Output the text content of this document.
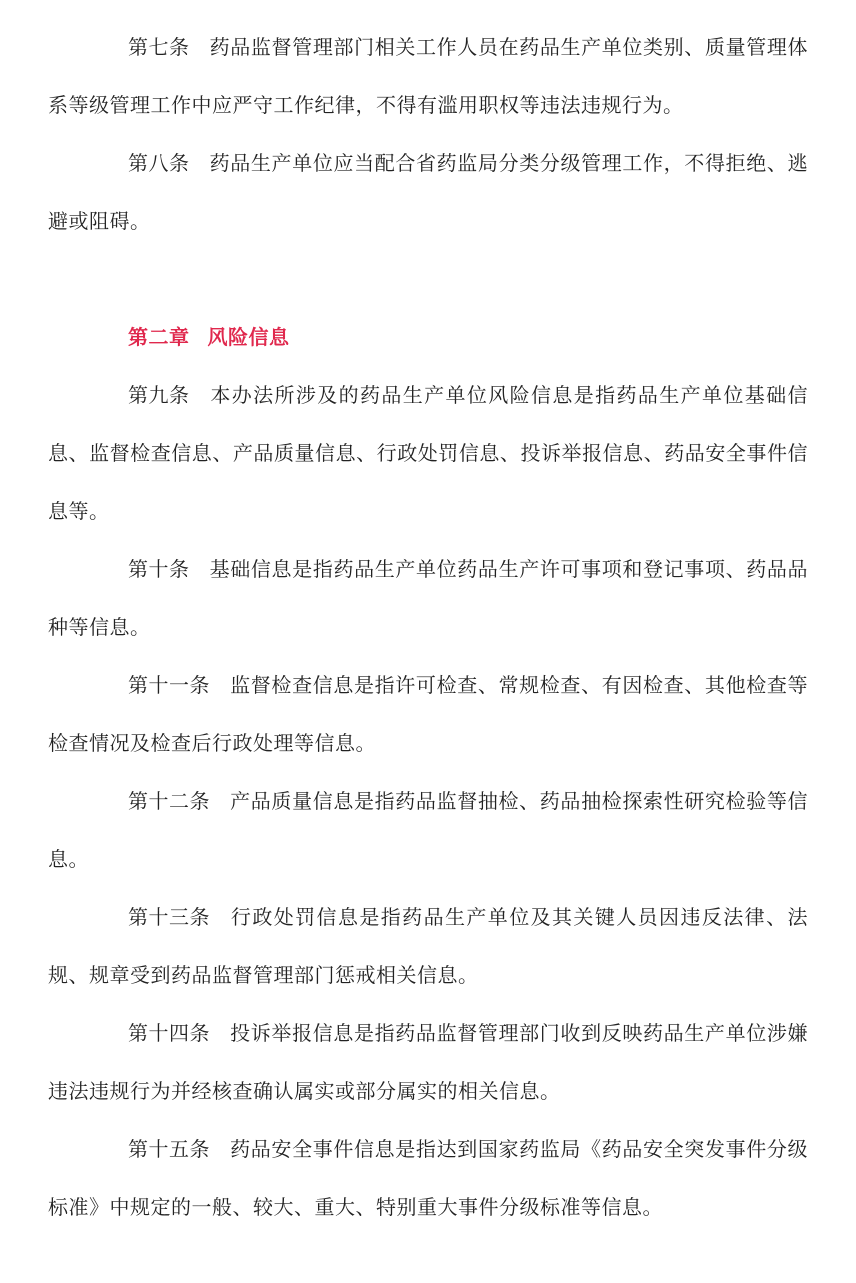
第七条 药品监督管理部门相关工作人员在药品生产单位类别、质量管理体系等级管理工作中应严守工作纪律，不得有滥用职权等违法违规行为。

第八条 药品生产单位应当配合省药监局分类分级管理工作，不得拒绝、逃避或阻碍。

第二章 风险信息

第九条 本办法所涉及的药品生产单位风险信息是指药品生产单位基础信息、监督检查信息、产品质量信息、行政处罚信息、投诉举报信息、药品安全事件信息等。

第十条 基础信息是指药品生产单位药品生产许可事项和登记事项、药品品种等信息。

第十一条 监督检查信息是指许可检查、常规检查、有因检查、其他检查等检查情况及检查后行政处理等信息。

第十二条 产品质量信息是指药品监督抽检、药品抽检探索性研究检验等信息。

第十三条 行政处罚信息是指药品生产单位及其关键人员因违反法律、法规、规章受到药品监督管理部门惩戒相关信息。

第十四条 投诉举报信息是指药品监督管理部门收到反映药品生产单位涉嫌违法违规行为并经核查确认属实或部分属实的相关信息。

第十五条 药品安全事件信息是指达到国家药监局《药品安全突发事件分级标准》中规定的一般、较大、重大、特别重大事件分级标准等信息。
